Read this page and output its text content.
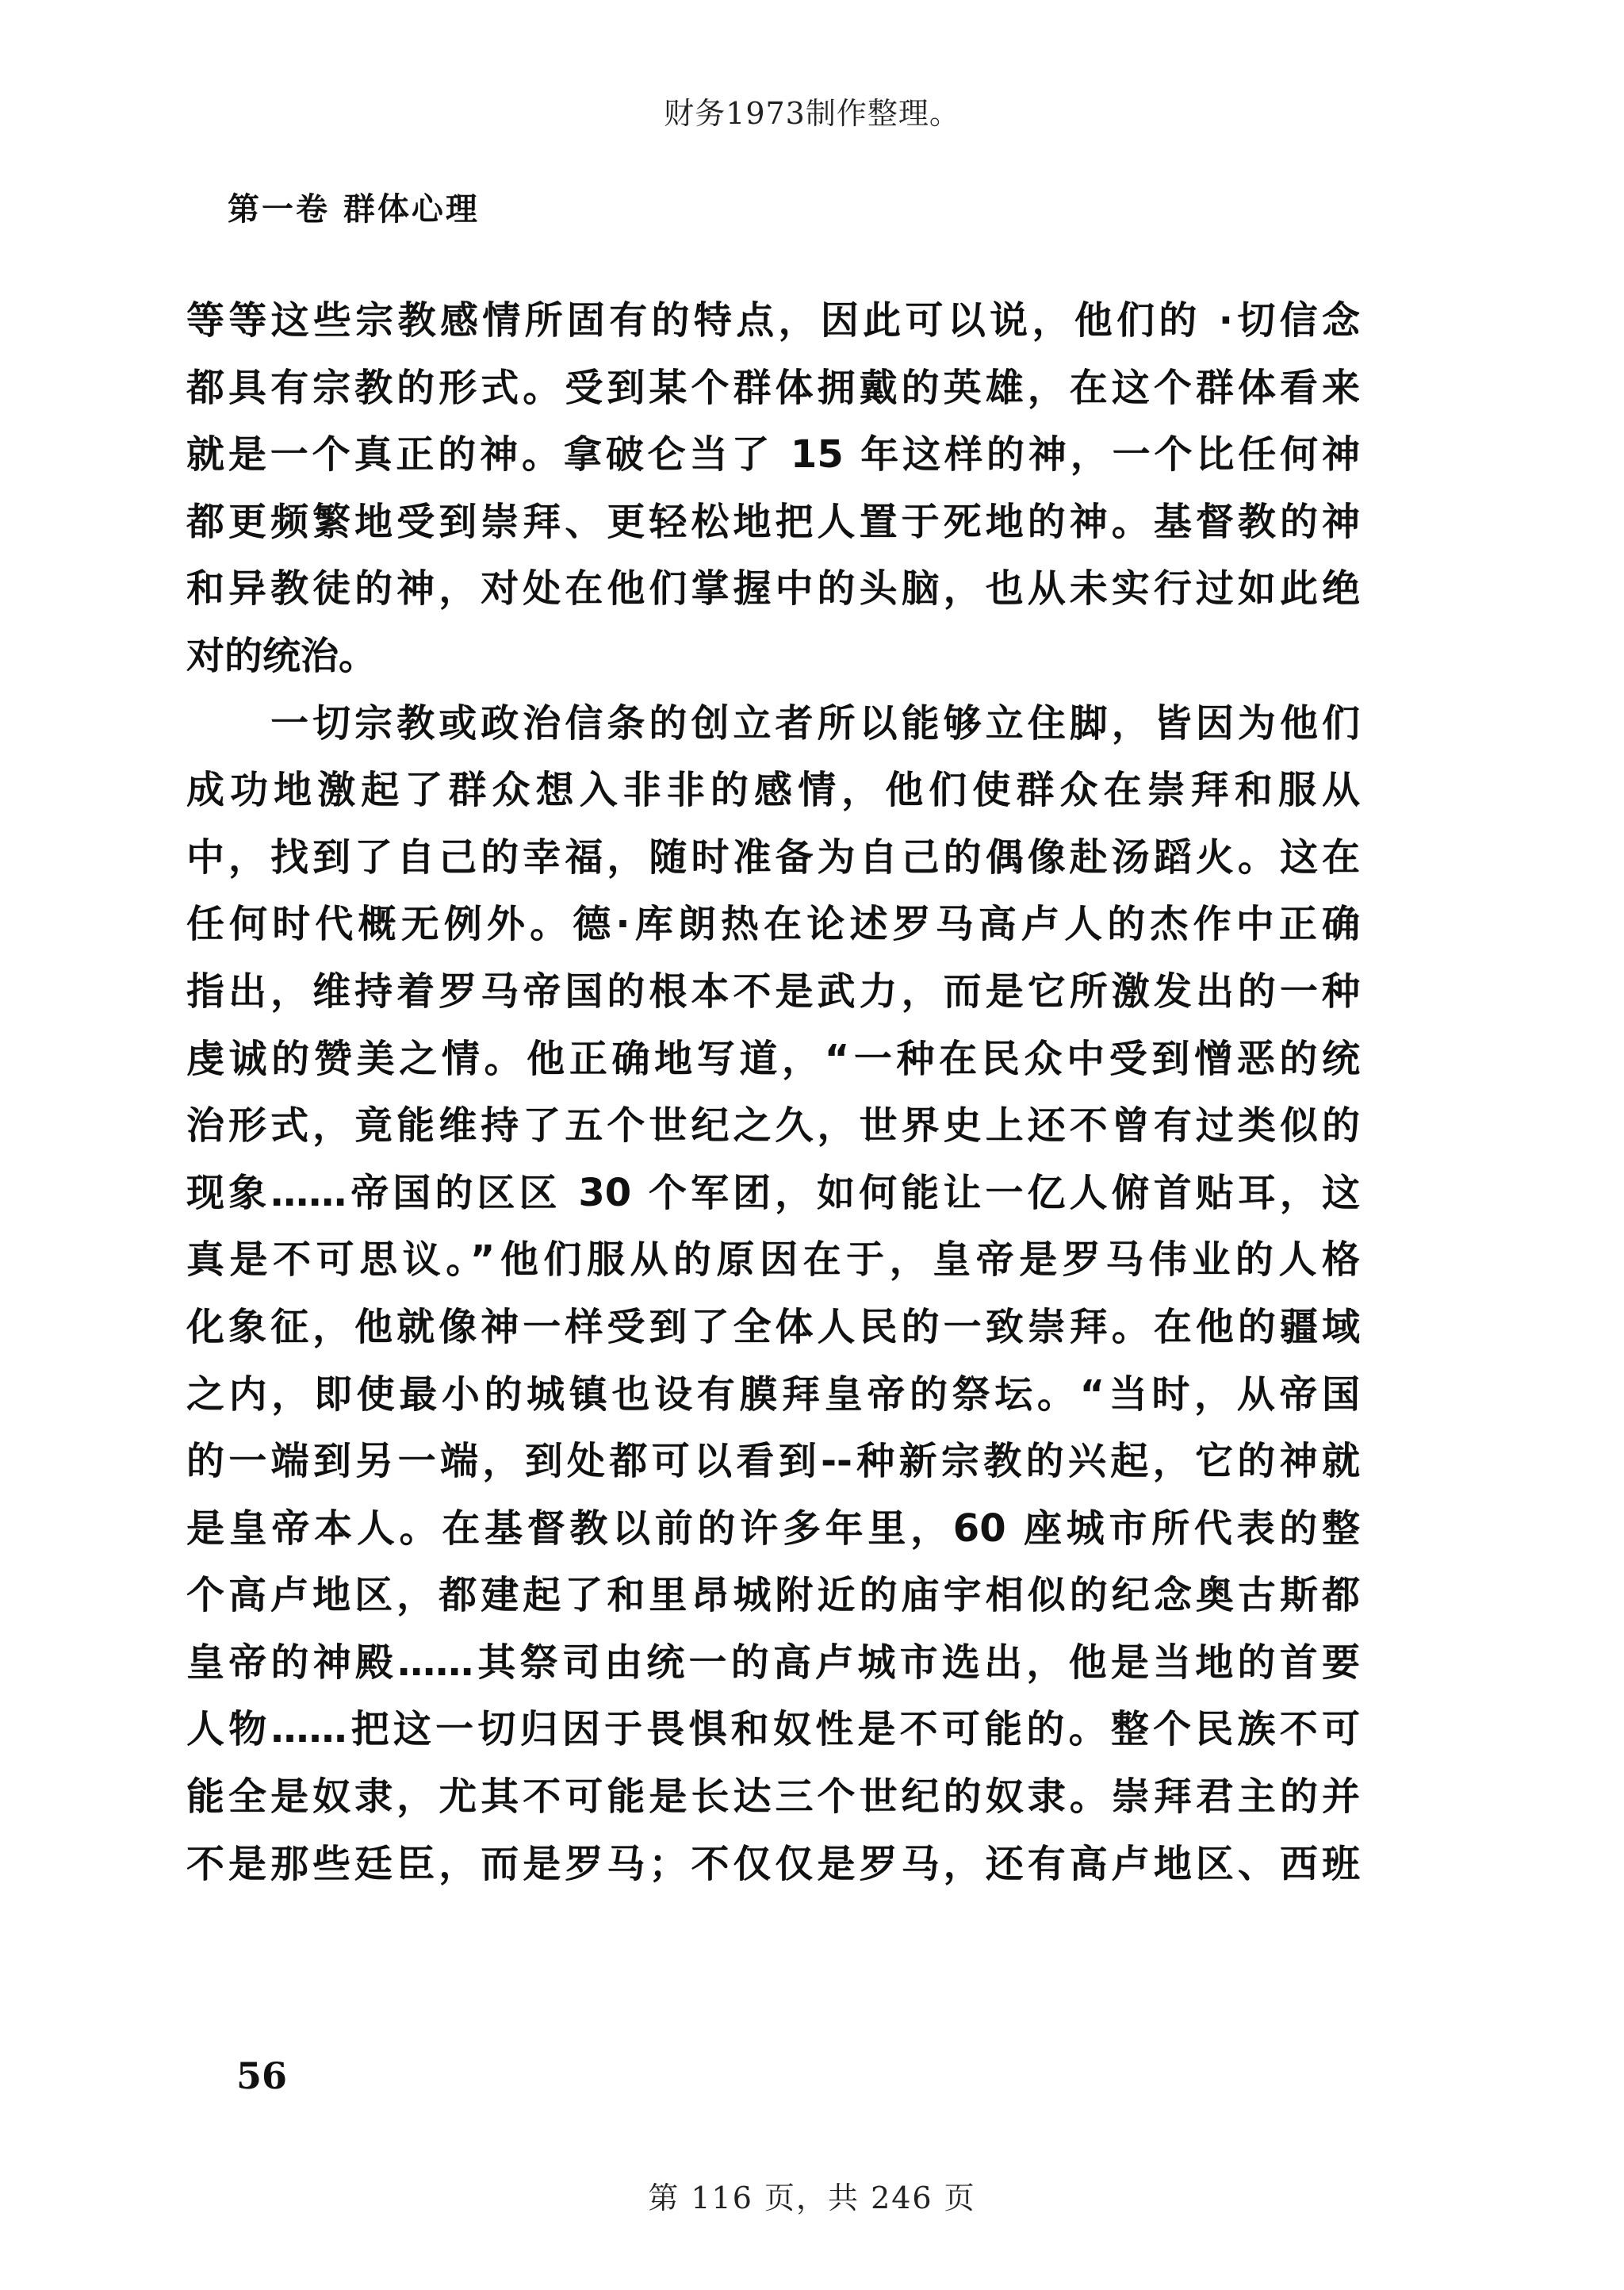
财务1973制作整理。
第一卷 群体心理
等等这些宗教感情所固有的特点，因此可以说，他们的 ·切信念
都具有宗教的形式。受到某个群体拥戴的英雄，在这个群体看来
就是一个真正的神。拿破仑当了 15 年这样的神，一个比任何神
都更频繁地受到崇拜、更轻松地把人置于死地的神。基督教的神
和异教徒的神，对处在他们掌握中的头脑，也从未实行过如此绝
对的统治。
　　一切宗教或政治信条的创立者所以能够立住脚，皆因为他们
成功地激起了群众想入非非的感情，他们使群众在崇拜和服从
中，找到了自己的幸福，随时准备为自己的偶像赴汤蹈火。这在
任何时代概无例外。德·库朗热在论述罗马高卢人的杰作中正确
指出，维持着罗马帝国的根本不是武力，而是它所激发出的一种
虔诚的赞美之情。他正确地写道，“一种在民众中受到憎恶的统
治形式，竟能维持了五个世纪之久，世界史上还不曾有过类似的
现象……帝国的区区 30 个军团，如何能让一亿人俯首贴耳，这
真是不可思议。”他们服从的原因在于，皇帝是罗马伟业的人格
化象征，他就像神一样受到了全体人民的一致崇拜。在他的疆域
之内，即使最小的城镇也设有膜拜皇帝的祭坛。“当时，从帝国
的一端到另一端，到处都可以看到--种新宗教的兴起，它的神就
是皇帝本人。在基督教以前的许多年里，60 座城市所代表的整
个高卢地区，都建起了和里昂城附近的庙宇相似的纪念奥古斯都
皇帝的神殿……其祭司由统一的高卢城市选出，他是当地的首要
人物……把这一切归因于畏惧和奴性是不可能的。整个民族不可
能全是奴隶，尤其不可能是长达三个世纪的奴隶。崇拜君主的并
不是那些廷臣，而是罗马；不仅仅是罗马，还有高卢地区、西班
56
第 116 页，共 246 页
